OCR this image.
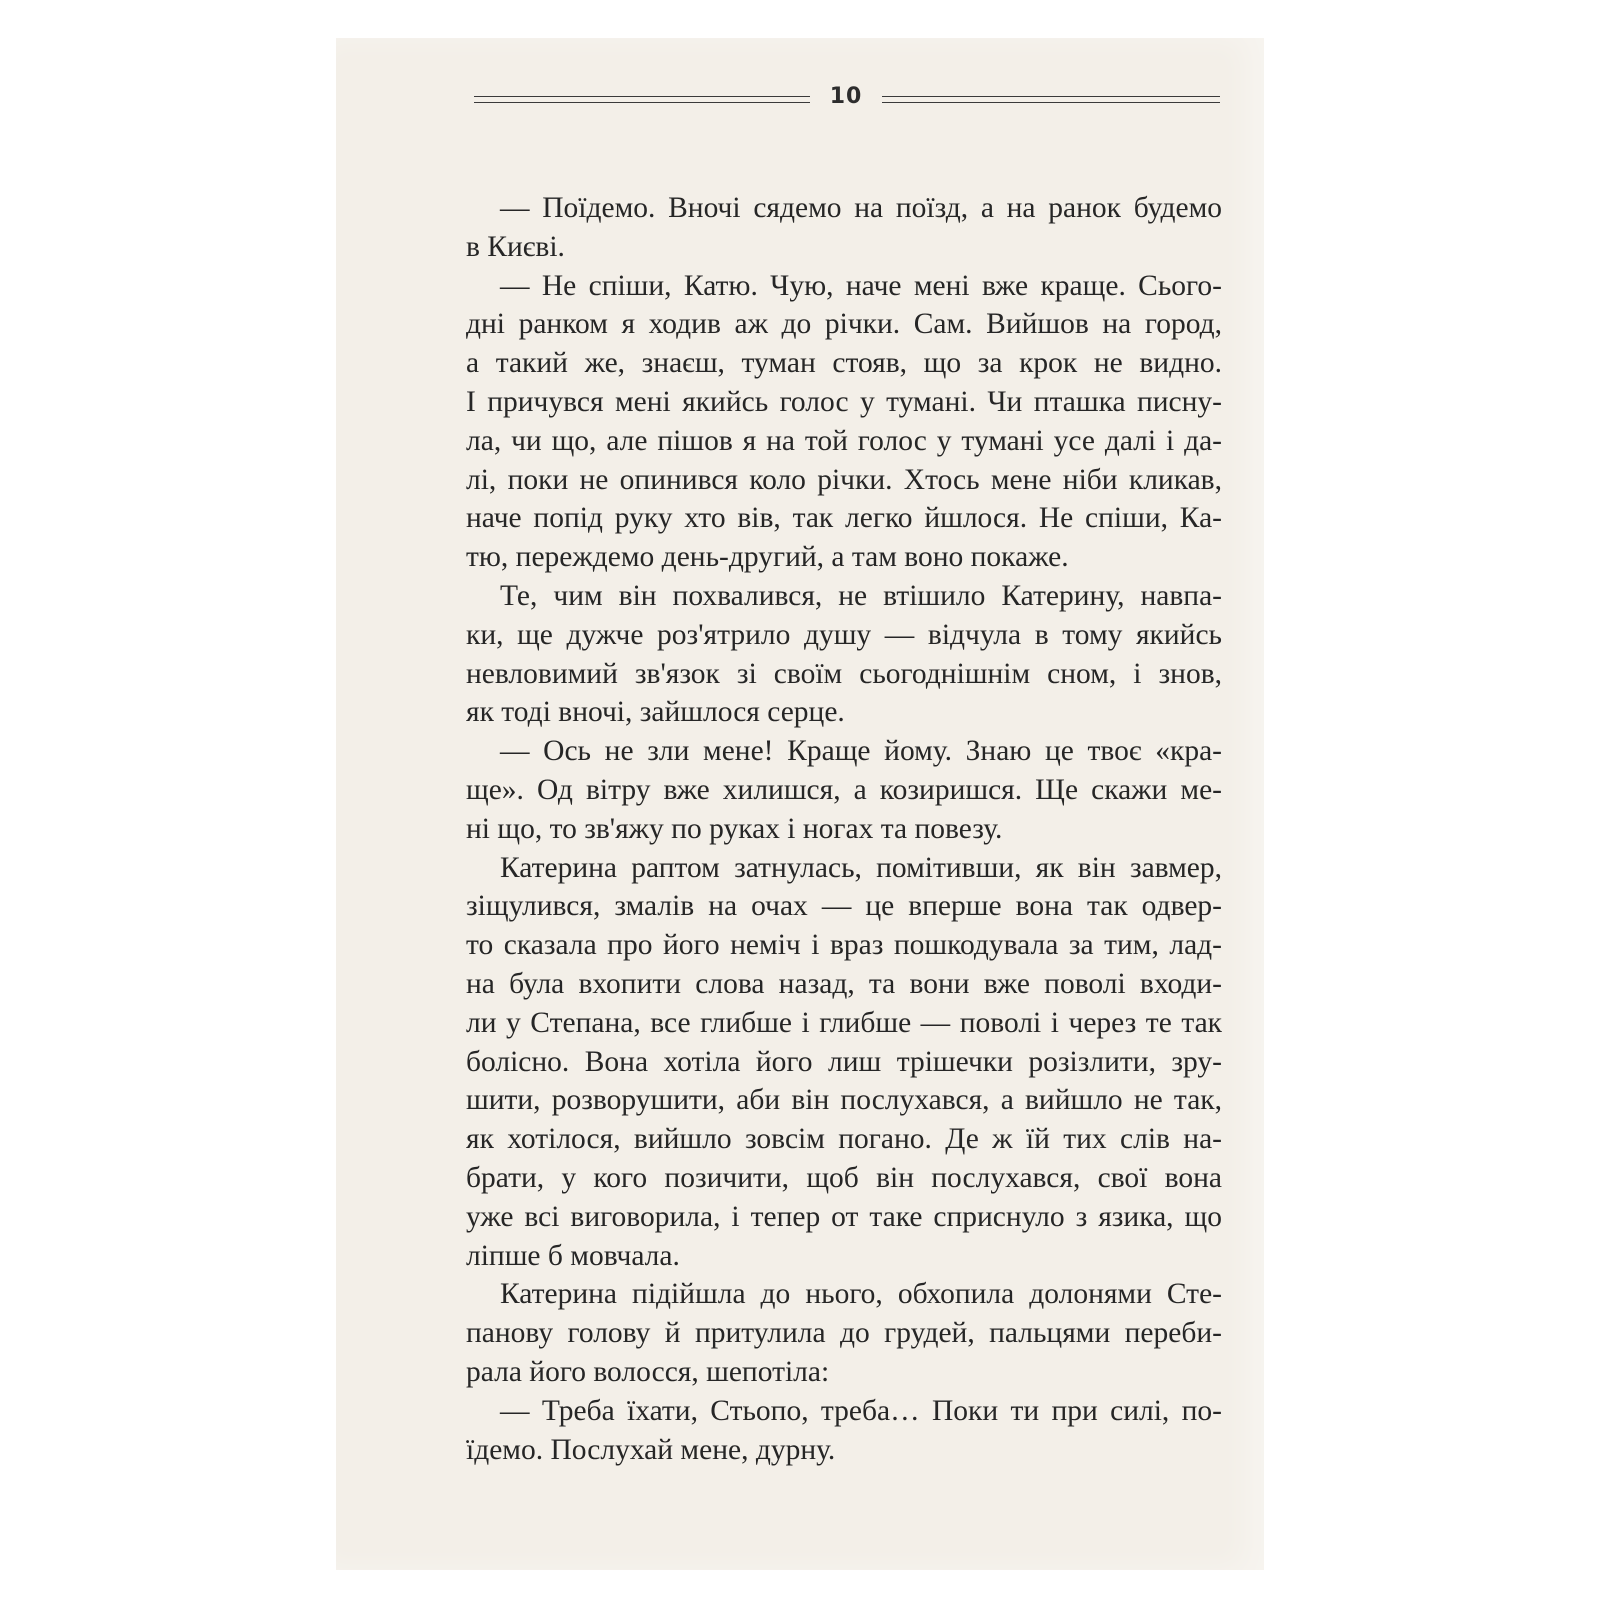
10
— Поїдемо. Вночі сядемо на поїзд, а на ранок будемо
в Києві.
— Не спіши, Катю. Чую, наче мені вже краще. Сього-
дні ранком я ходив аж до річки. Сам. Вийшов на город,
а такий же, знаєш, туман стояв, що за крок не видно.
І причувся мені якийсь голос у тумані. Чи пташка писну-
ла, чи що, але пішов я на той голос у тумані усе далі і да-
лі, поки не опинився коло річки. Хтось мене ніби кликав,
наче попід руку хто вів, так легко йшлося. Не спіши, Ка-
тю, переждемо день-другий, а там воно покаже.
Те, чим він похвалився, не втішило Катерину, навпа-
ки, ще дужче роз'ятрило душу — відчула в тому якийсь
невловимий зв'язок зі своїм сьогоднішнім сном, і знов,
як тоді вночі, зайшлося серце.
— Ось не зли мене! Краще йому. Знаю це твоє «кра-
ще». Од вітру вже хилишся, а козиришся. Ще скажи ме-
ні що, то зв'яжу по руках і ногах та повезу.
Катерина раптом затнулась, помітивши, як він завмер,
зіщулився, змалів на очах — це вперше вона так одвер-
то сказала про його неміч і враз пошкодувала за тим, лад-
на була вхопити слова назад, та вони вже поволі входи-
ли у Степана, все глибше і глибше — поволі і через те так
болісно. Вона хотіла його лиш трішечки розізлити, зру-
шити, розворушити, аби він послухався, а вийшло не так,
як хотілося, вийшло зовсім погано. Де ж їй тих слів на-
брати, у кого позичити, щоб він послухався, свої вона
уже всі виговорила, і тепер от таке сприснуло з язика, що
ліпше б мовчала.
Катерина підійшла до нього, обхопила долонями Сте-
панову голову й притулила до грудей, пальцями переби-
рала його волосся, шепотіла:
— Треба їхати, Стьопо, треба… Поки ти при силі, по-
їдемо. Послухай мене, дурну.
